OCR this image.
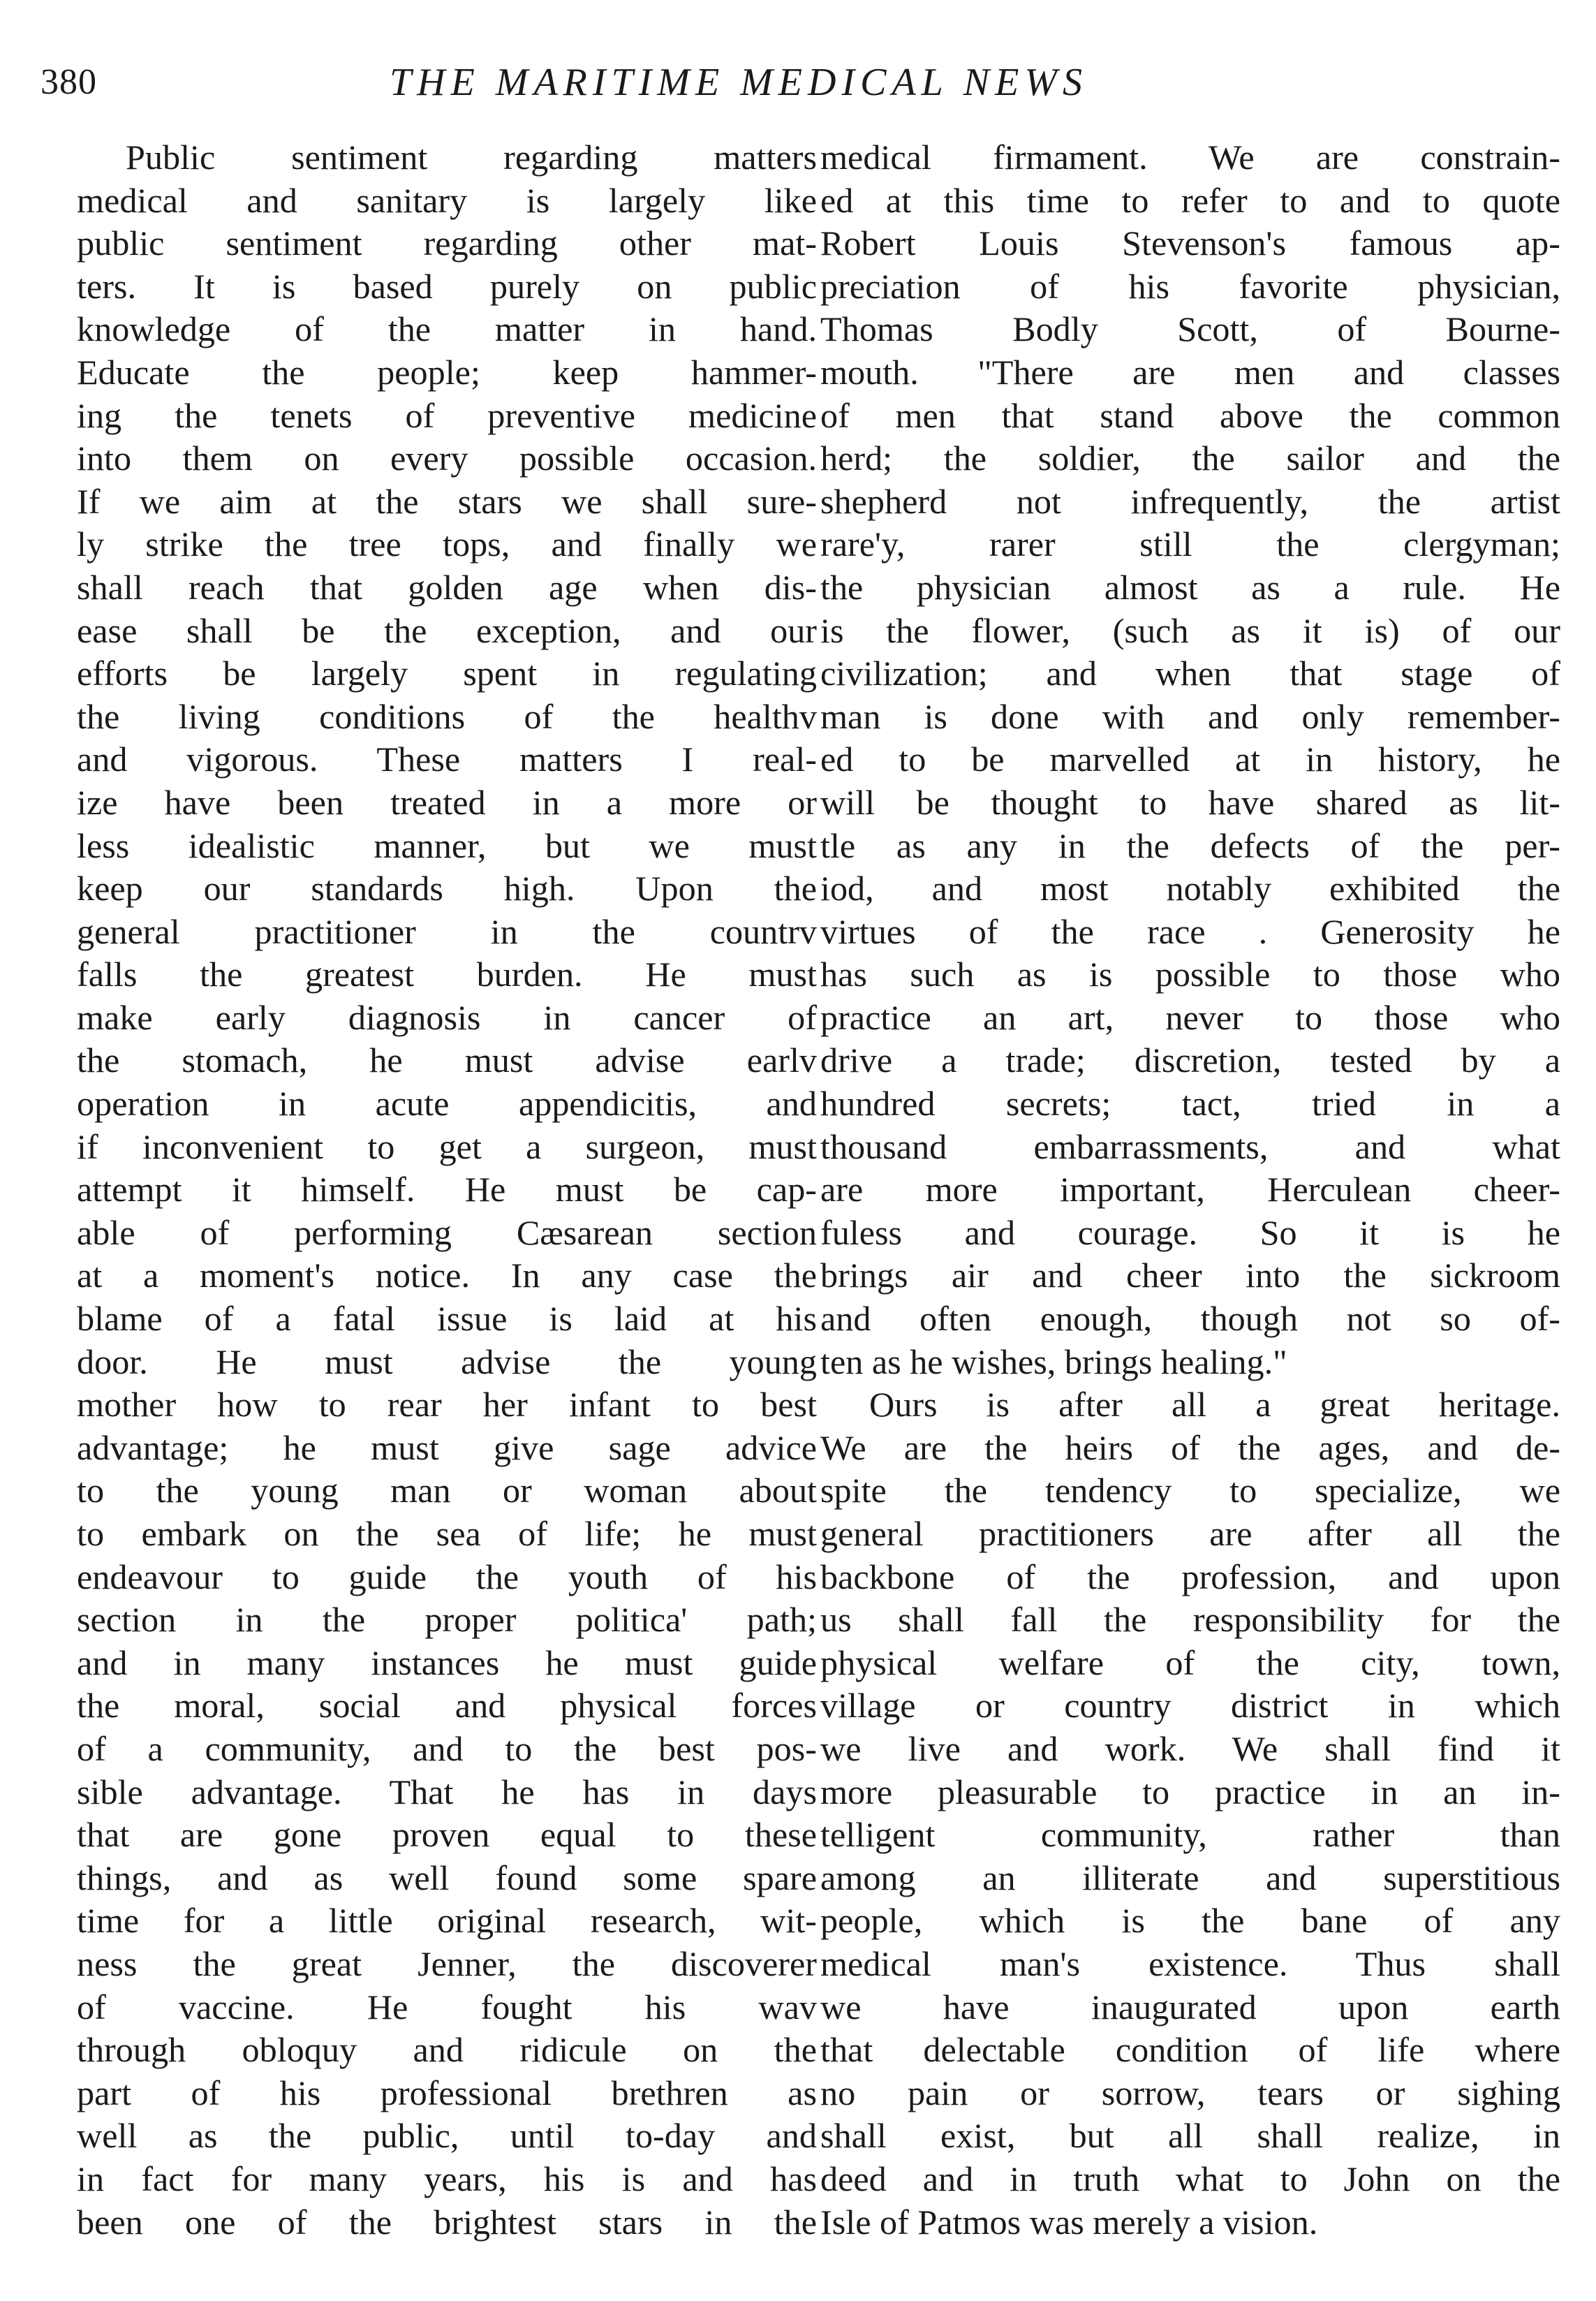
380	THE MARITIME MEDICAL NEWS
Public sentiment regarding matters
medical and sanitary is largely like
public sentiment regarding other mat-
ters. It is based purely on public
knowledge of the matter in hand.
Educate the people; keep hammer-
ing the tenets of preventive medicine
into them on every possible occasion.
If we aim at the stars we shall sure-
ly strike the tree tops, and finally we
shall reach that golden age when dis-
ease shall be the exception, and our
efforts be largely spent in regulating
the living conditions of the healthv
and vigorous. These matters I real-
ize have been treated in a more or
less idealistic manner, but we must
keep our standards high. Upon the
general practitioner in the countrv
falls the greatest burden. He must
make early diagnosis in cancer of
the stomach, he must advise earlv
operation in acute appendicitis, and
if inconvenient to get a surgeon, must
attempt it himself. He must be cap-
able of performing Cæsarean section
at a moment's notice. In any case the
blame of a fatal issue is laid at his
door. He must advise the young
mother how to rear her infant to best
advantage; he must give sage advice
to the young man or woman about
to embark on the sea of life; he must
endeavour to guide the youth of his
section in the proper politica' path;
and in many instances he must guide
the moral, social and physical forces
of a community, and to the best pos-
sible advantage. That he has in days
that are gone proven equal to these
things, and as well found some spare
time for a little original research, wit-
ness the great Jenner, the discoverer
of vaccine. He fought his wav
through obloquy and ridicule on the
part of his professional brethren as
well as the public, until to-day and
in fact for many years, his is and has
been one of the brightest stars in the
medical firmament. We are constrain-
ed at this time to refer to and to quote
Robert Louis Stevenson's famous ap-
preciation of his favorite physician,
Thomas Bodly Scott, of Bourne-
mouth. "There are men and classes
of men that stand above the common
herd; the soldier, the sailor and the
shepherd not infrequently, the artist
rare'y, rarer still the clergyman;
the physician almost as a rule. He
is the flower, (such as it is) of our
civilization; and when that stage of
man is done with and only remember-
ed to be marvelled at in history, he
will be thought to have shared as lit-
tle as any in the defects of the per-
iod, and most notably exhibited the
virtues of the race . Generosity he
has such as is possible to those who
practice an art, never to those who
drive a trade; discretion, tested by a
hundred secrets; tact, tried in a
thousand embarrassments, and what
are more important, Herculean cheer-
fuless and courage. So it is he
brings air and cheer into the sickroom
and often enough, though not so of-
ten as he wishes, brings healing."
Ours is after all a great heritage.
We are the heirs of the ages, and de-
spite the tendency to specialize, we
general practitioners are after all the
backbone of the profession, and upon
us shall fall the responsibility for the
physical welfare of the city, town,
village or country district in which
we live and work. We shall find it
more pleasurable to practice in an in-
telligent community, rather than
among an illiterate and superstitious
people, which is the bane of any
medical man's existence. Thus shall
we have inaugurated upon earth
that delectable condition of life where
no pain or sorrow, tears or sighing
shall exist, but all shall realize, in
deed and in truth what to John on the
Isle of Patmos was merely a vision.
